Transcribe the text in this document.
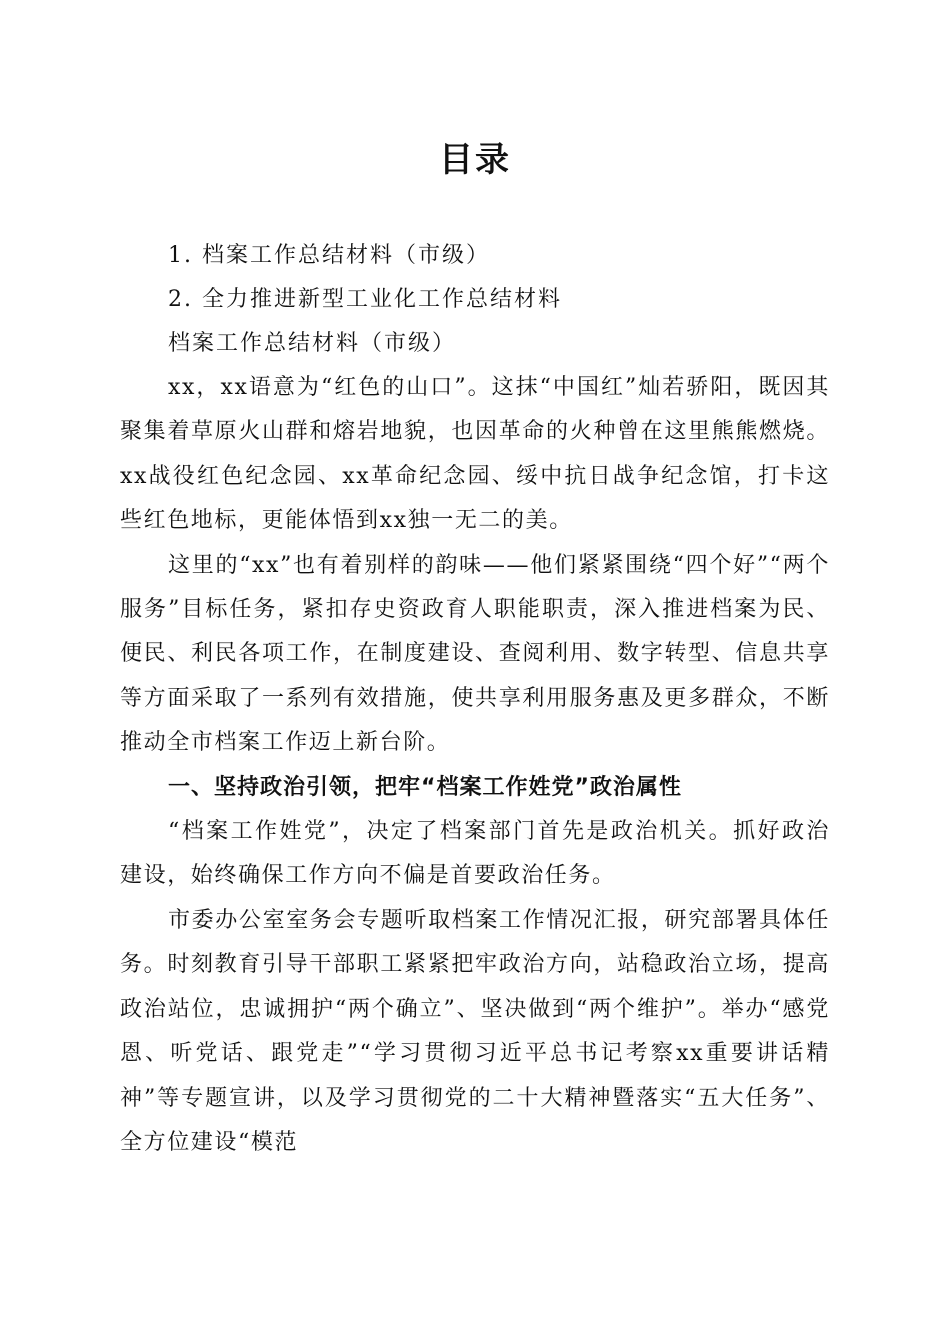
目录
1. 档案工作总结材料（市级）
2. 全力推进新型工业化工作总结材料
档案工作总结材料（市级）

xx，xx语意为“红色的山口”。这抹“中国红”灿若骄阳，既因其聚集着草原火山群和熔岩地貌，也因革命的火种曾在这里熊熊燃烧。xx战役红色纪念园、xx革命纪念园、绥中抗日战争纪念馆，打卡这些红色地标，更能体悟到xx独一无二的美。

这里的“xx”也有着别样的韵味——他们紧紧围绕“四个好”“两个服务”目标任务，紧扣存史资政育人职能职责，深入推进档案为民、便民、利民各项工作，在制度建设、查阅利用、数字转型、信息共享等方面采取了一系列有效措施，使共享利用服务惠及更多群众，不断推动全市档案工作迈上新台阶。

一、坚持政治引领，把牢“档案工作姓党”政治属性

“档案工作姓党”，决定了档案部门首先是政治机关。抓好政治建设，始终确保工作方向不偏是首要政治任务。

市委办公室室务会专题听取档案工作情况汇报，研究部署具体任务。时刻教育引导干部职工紧紧把牢政治方向，站稳政治立场，提高政治站位，忠诚拥护“两个确立”、坚决做到“两个维护”。举办“感党恩、听党话、跟党走”“学习贯彻习近平总书记考察xx重要讲话精神”等专题宣讲，以及学习贯彻党的二十大精神暨落实“五大任务”、全方位建设“模范
